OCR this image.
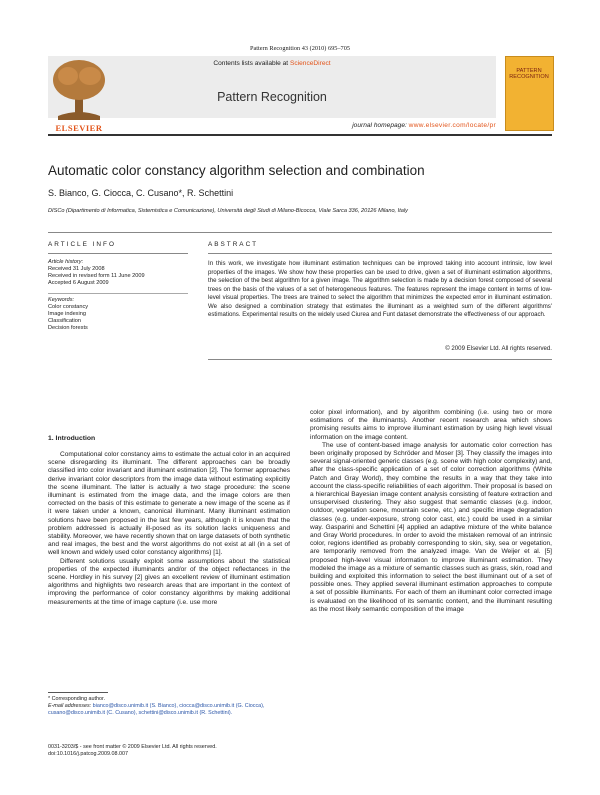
Pattern Recognition 43 (2010) 695–705
ELSEVIER
Contents lists available at ScienceDirect
Pattern Recognition
journal homepage: www.elsevier.com/locate/pr
PATTERN RECOGNITION
Automatic color constancy algorithm selection and combination
S. Bianco, G. Ciocca, C. Cusano*, R. Schettini
DISCo (Dipartimento di Informatica, Sistemistica e Comunicazione), Università degli Studi di Milano-Bicocca, Viale Sarca 336, 20126 Milano, Italy
ARTICLE INFO
Article history:
Received 31 July 2008
Received in revised form 11 June 2009
Accepted 6 August 2009
Keywords:
Color constancy
Image indexing
Classification
Decision forests
ABSTRACT
In this work, we investigate how illuminant estimation techniques can be improved taking into account intrinsic, low level properties of the images. We show how these properties can be used to drive, given a set of illuminant estimation algorithms, the selection of the best algorithm for a given image. The algorithm selection is made by a decision forest composed of several trees on the basis of the values of a set of heterogeneous features. The features represent the image content in terms of low-level visual properties. The trees are trained to select the algorithm that minimizes the expected error in illuminant estimation. We also designed a combination strategy that estimates the illuminant as a weighted sum of the different algorithms' estimations. Experimental results on the widely used Ciurea and Funt dataset demonstrate the effectiveness of our approach.
© 2009 Elsevier Ltd. All rights reserved.
1. Introduction

Computational color constancy aims to estimate the actual color in an acquired scene disregarding its illuminant. The different approaches can be broadly classified into color invariant and illuminant estimation [2]. The former approaches derive invariant color descriptors from the image data without estimating explicitly the scene illuminant. The latter is actually a two stage procedure: the scene illuminant is estimated from the image data, and the image colors are then corrected on the basis of this estimate to generate a new image of the scene as if it were taken under a known, canonical illuminant. Many illuminant estimation solutions have been proposed in the last few years, although it is known that the problem addressed is actually ill-posed as its solution lacks uniqueness and stability. Moreover, we have recently shown that on large datasets of both synthetic and real images, the best and the worst algorithms do not exist at all (in a set of well known and widely used color constancy algorithms) [1].

Different solutions usually exploit some assumptions about the statistical properties of the expected illuminants and/or of the object reflectances in the scene. Hordley in his survey [2] gives an excellent review of illuminant estimation algorithms and highlights two research areas that are important in the context of improving the performance of color constancy algorithms by making additional measurements at the time of image capture (i.e. use more

color pixel information), and by algorithm combining (i.e. using two or more estimations of the illuminants). Another recent research area which shows promising results aims to improve illuminant estimation by using high level visual information on the image content.

The use of content-based image analysis for automatic color correction has been originally proposed by Schröder and Moser [3]. They classify the images into several signal-oriented generic classes (e.g. scene with high color complexity) and, after the class-specific application of a set of color correction algorithms (White Patch and Gray World), they combine the results in a way that they take into account the class-specific reliabilities of each algorithm. Their proposal is based on a hierarchical Bayesian image content analysis consisting of feature extraction and unsupervised clustering. They also suggest that semantic classes (e.g. indoor, outdoor, vegetation scene, mountain scene, etc.) and specific image degradation classes (e.g. under-exposure, strong color cast, etc.) could be used in a similar way. Gasparini and Schettini [4] applied an adaptive mixture of the white balance and Gray World procedures. In order to avoid the mistaken removal of an intrinsic color, regions identified as probably corresponding to skin, sky, sea or vegetation, are temporarily removed from the analyzed image. Van de Weijer et al. [5] proposed high-level visual information to improve illuminant estimation. They modeled the image as a mixture of semantic classes such as grass, skin, road and building and exploited this information to select the best illuminant out of a set of possible ones. They applied several illuminant estimation approaches to compute a set of possible illuminants. For each of them an illuminant color corrected image is evaluated on the likelihood of its semantic content, and the illuminant resulting as the most likely semantic composition of the image

* Corresponding author.
E-mail addresses: bianco@disco.unimib.it (S. Bianco), ciocca@disco.unimib.it (G. Ciocca), cusano@disco.unimib.it (C. Cusano), schettini@disco.unimib.it (R. Schettini).
0031-3203/$ - see front matter © 2009 Elsevier Ltd. All rights reserved.
doi:10.1016/j.patcog.2009.08.007
